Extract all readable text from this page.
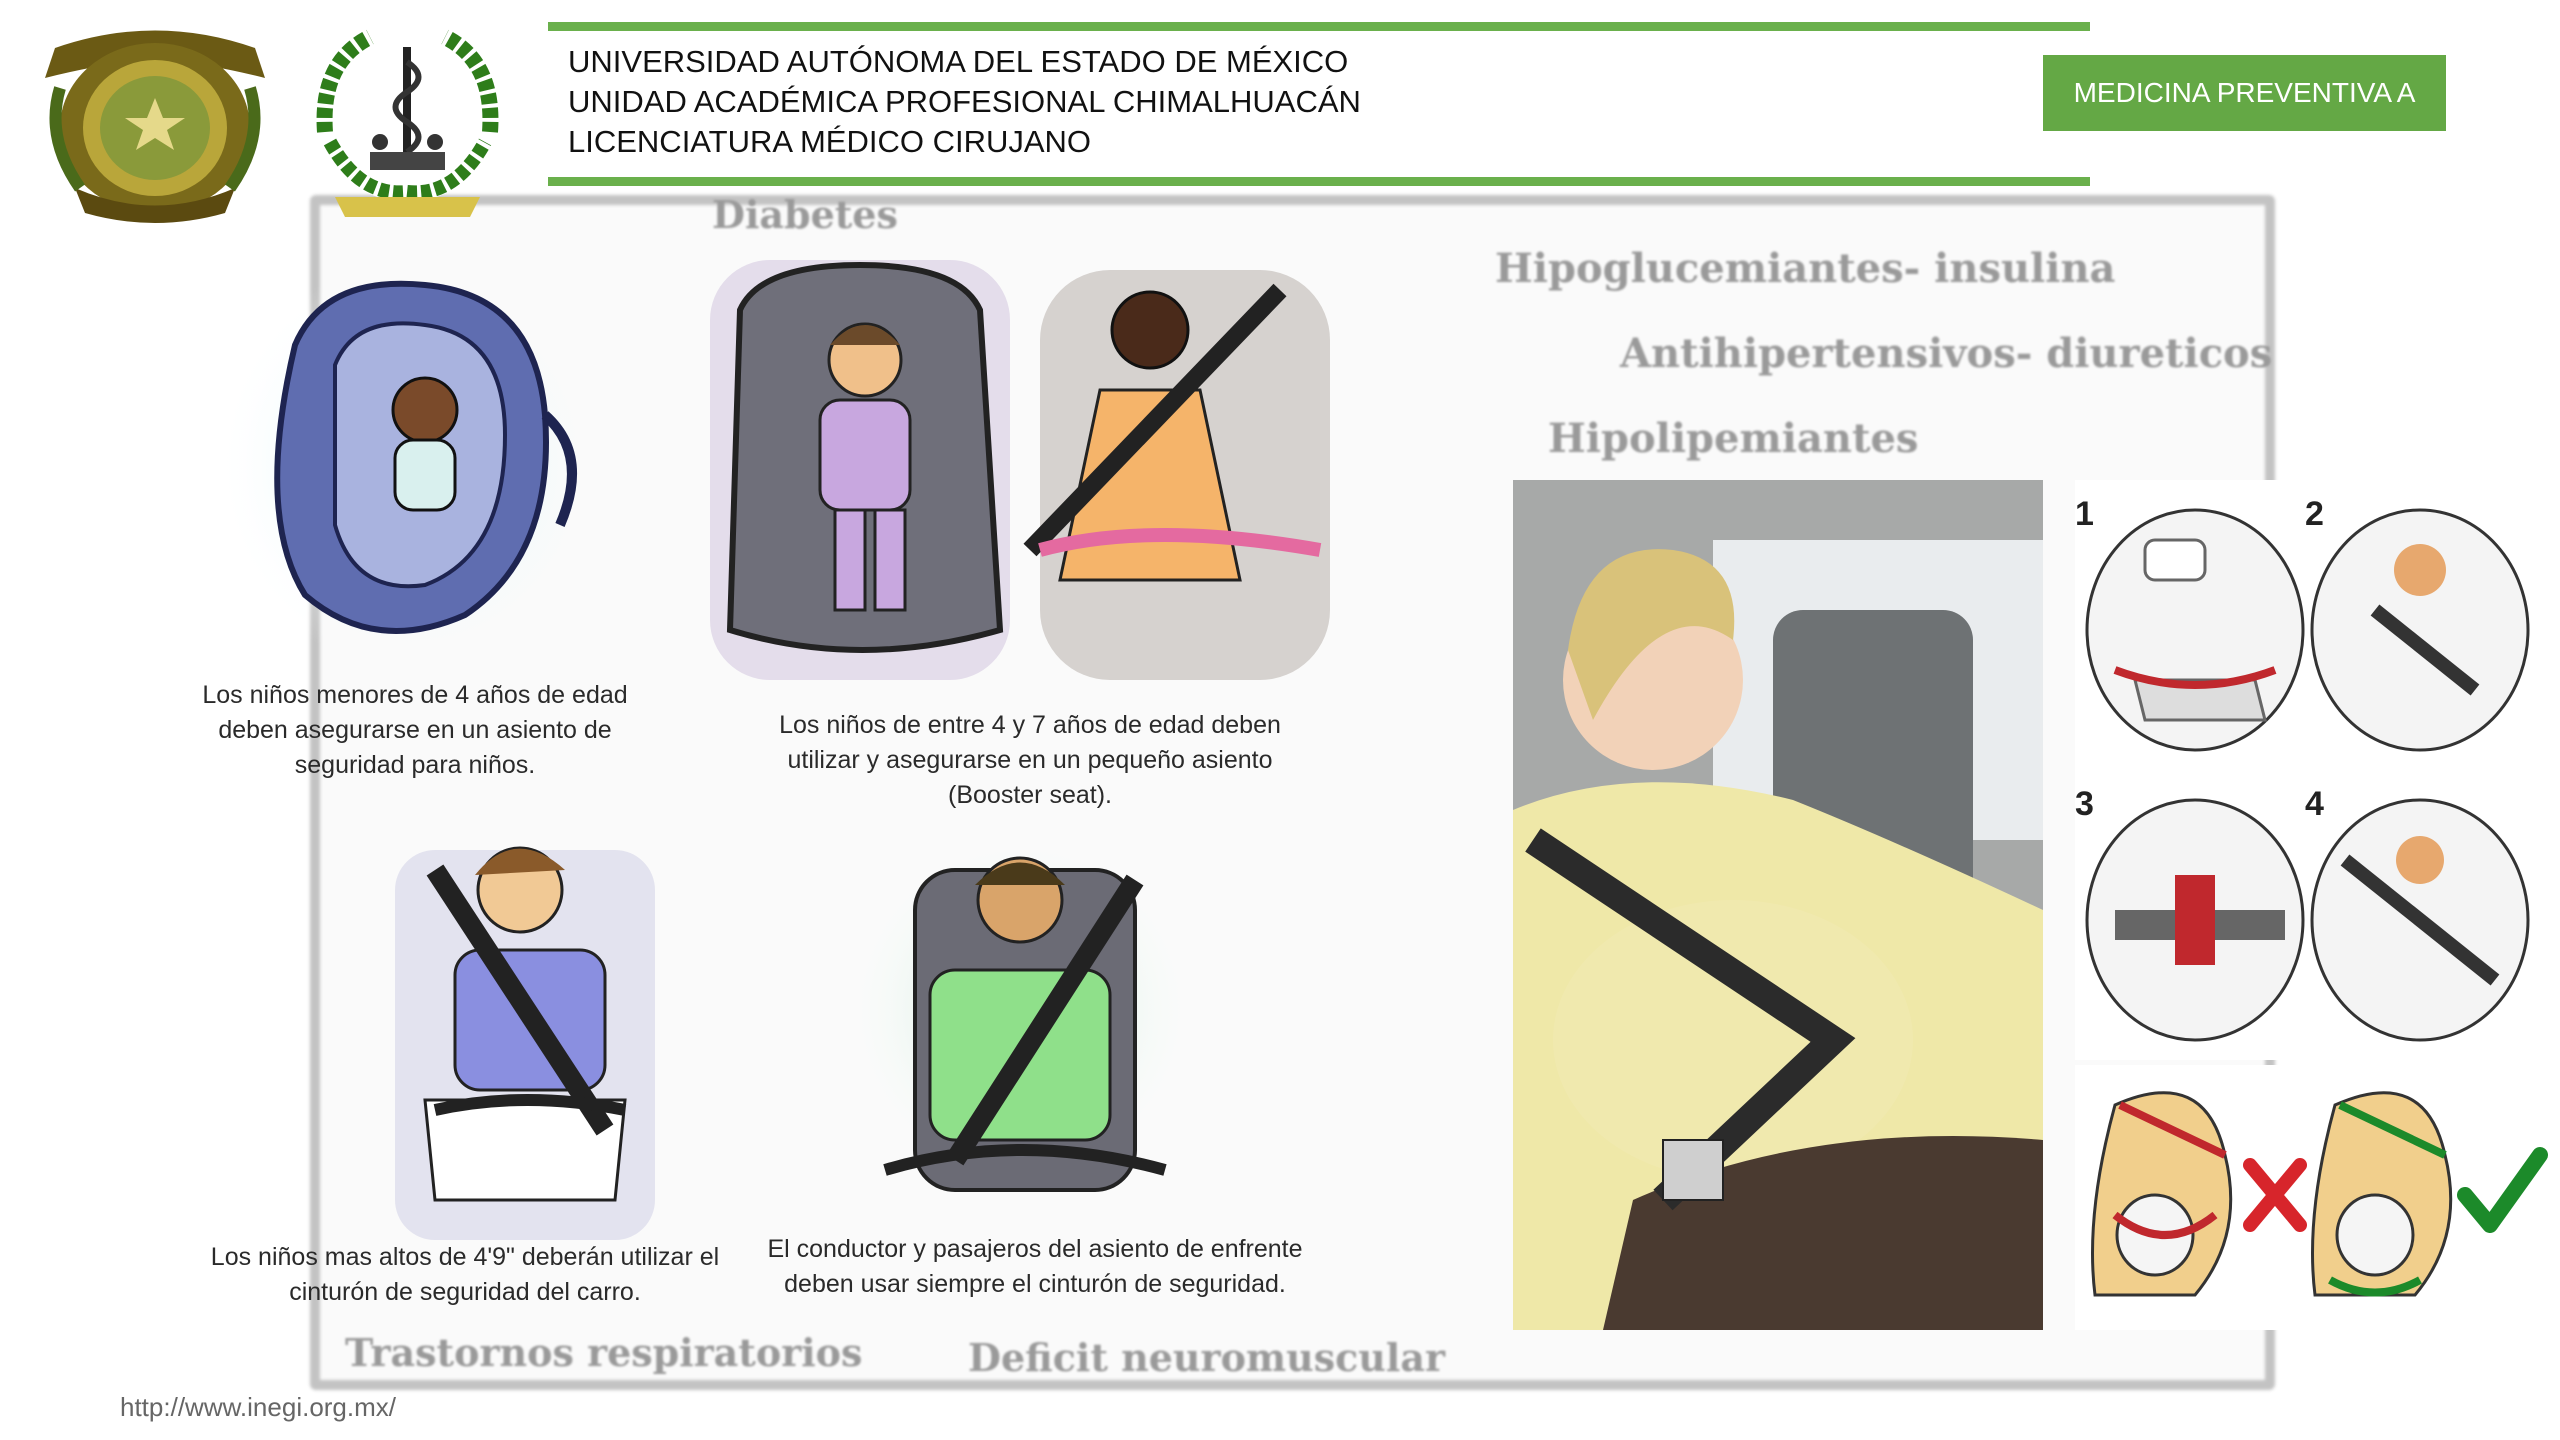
Diabetes
Hipoglucemiantes- insulina
Antihipertensivos- diureticos
Hipolipemiantes
Trastornos respiratorios	Deficit neuromuscular
UNIVERSIDAD AUTÓNOMA DEL ESTADO DE MÉXICO
UNIDAD ACADÉMICA PROFESIONAL CHIMALHUACÁN
LICENCIATURA MÉDICO CIRUJANO
MEDICINA PREVENTIVA A
Los niños menores de 4 años de edad deben asegurarse en un asiento de seguridad para niños.
Los niños de entre 4 y 7 años de edad deben utilizar y asegurarse en un pequeño asiento (Booster seat).
Los niños mas altos de 4'9" deberán utilizar el cinturón de seguridad del carro.
El conductor y pasajeros del asiento de enfrente deben usar siempre el cinturón de seguridad.
1	2
3	4
http://www.inegi.org.mx/
